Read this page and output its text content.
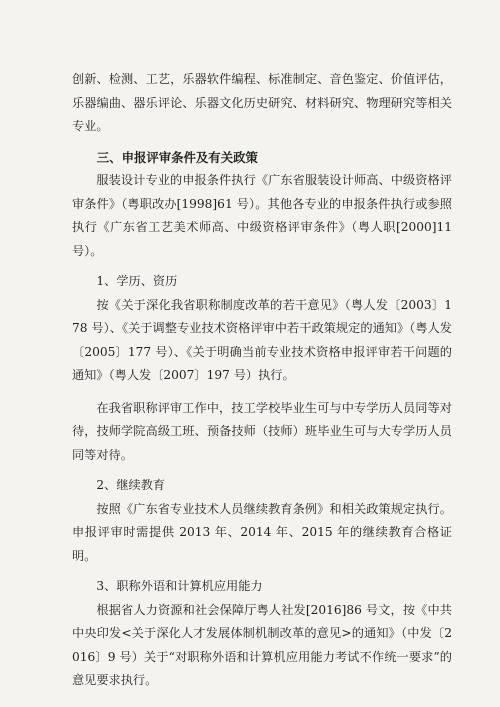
创新、检测、工艺，乐器软件编程、标准制定、音色鉴定、价值评估，乐器编曲、器乐评论、乐器文化历史研究、材料研究、物理研究等相关专业。

三、申报评审条件及有关政策

服装设计专业的申报条件执行《广东省服装设计师高、中级资格评审条件》（粤职改办[1998]61 号）。其他各专业的申报条件执行或参照执行《广东省工艺美术师高、中级资格评审条件》（粤人职[2000]11 号）。

1、学历、资历

按《关于深化我省职称制度改革的若干意见》（粤人发〔2003〕178 号）、《关于调整专业技术资格评审中若干政策规定的通知》（粤人发〔2005〕177 号）、《关于明确当前专业技术资格申报评审若干问题的通知》（粤人发〔2007〕197 号）执行。

在我省职称评审工作中，技工学校毕业生可与中专学历人员同等对待，技师学院高级工班、预备技师（技师）班毕业生可与大专学历人员同等对待。

2、继续教育

按照《广东省专业技术人员继续教育条例》和相关政策规定执行。申报评审时需提供 2013 年、2014 年、2015 年的继续教育合格证明。

3、职称外语和计算机应用能力

根据省人力资源和社会保障厅粤人社发[2016]86 号文，按《中共中央印发<关于深化人才发展体制机制改革的意见>的通知》（中发〔2016〕9 号）关于“对职称外语和计算机应用能力考试不作统一要求”的意见要求执行。
